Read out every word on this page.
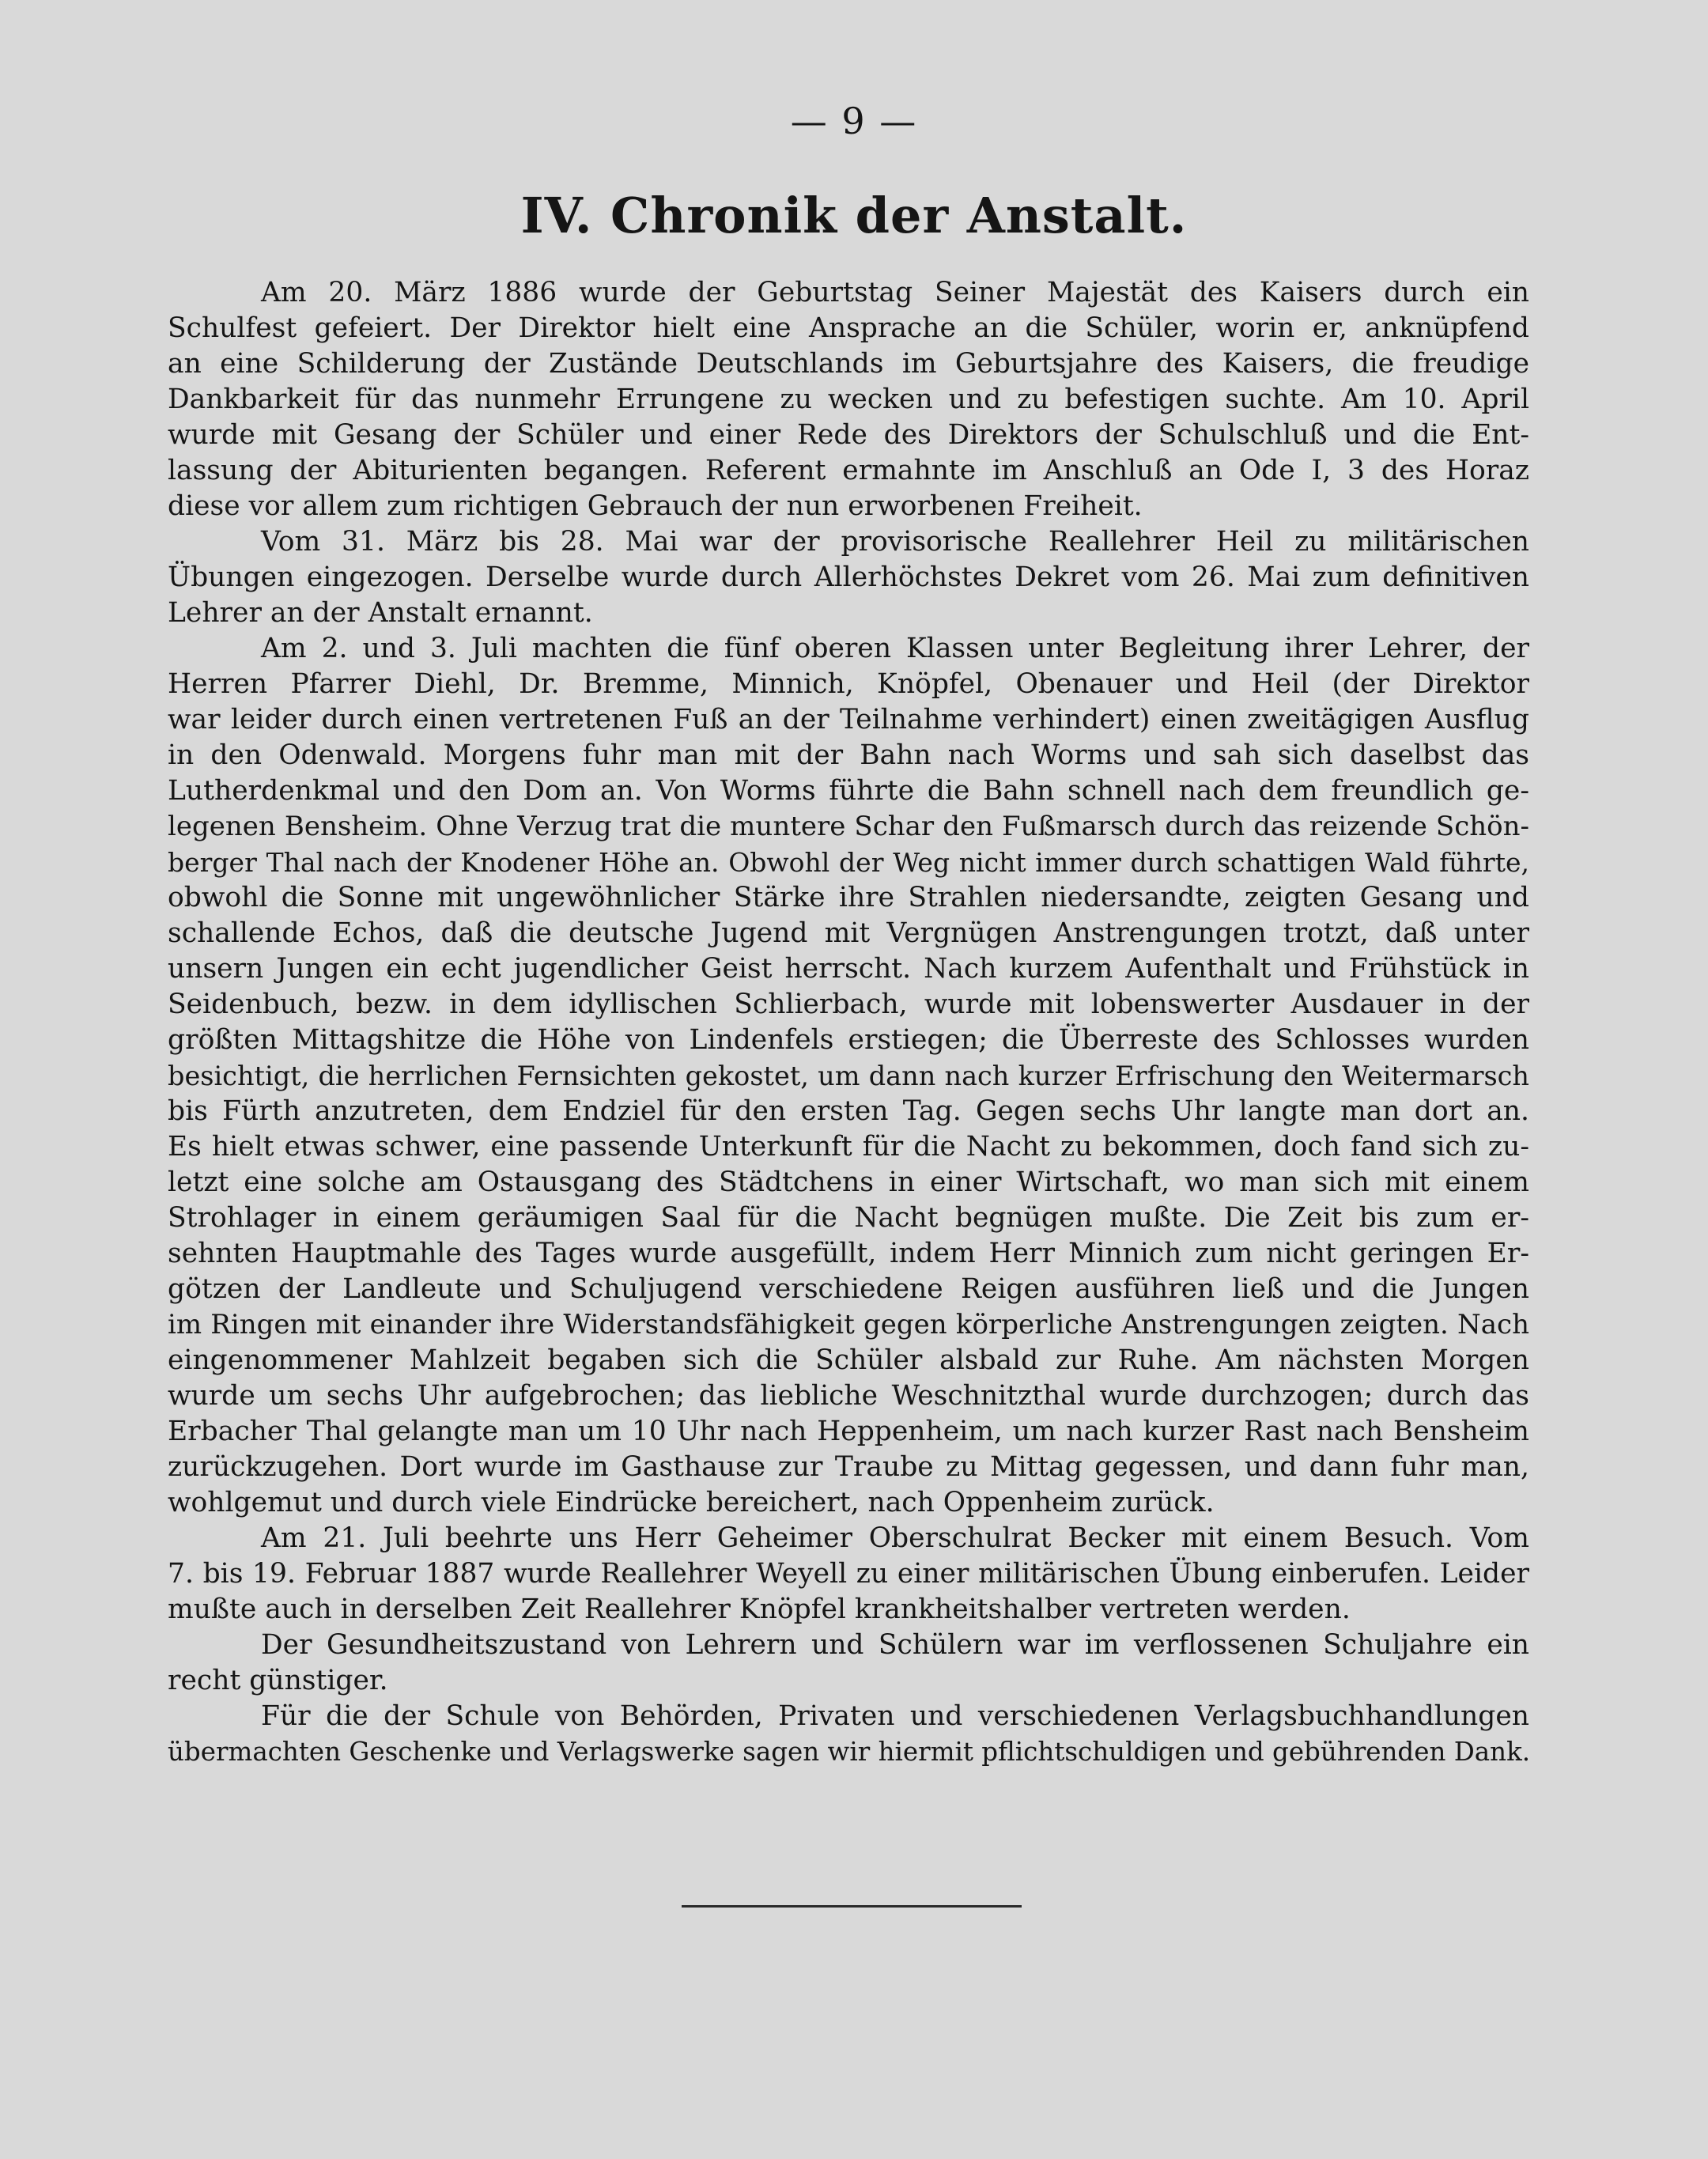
— 9 —
IV. Chronik der Anstalt.
Am 20. März 1886 wurde der Geburtstag Seiner Majestät des Kaisers durch ein
Schulfest gefeiert. Der Direktor hielt eine Ansprache an die Schüler, worin er, anknüpfend
an eine Schilderung der Zustände Deutschlands im Geburtsjahre des Kaisers, die freudige
Dankbarkeit für das nunmehr Errungene zu wecken und zu befestigen suchte. Am 10. April
wurde mit Gesang der Schüler und einer Rede des Direktors der Schulschluß und die Ent-
lassung der Abiturienten begangen. Referent ermahnte im Anschluß an Ode I, 3 des Horaz
diese vor allem zum richtigen Gebrauch der nun erworbenen Freiheit.
Vom 31. März bis 28. Mai war der provisorische Reallehrer Heil zu militärischen
Übungen eingezogen. Derselbe wurde durch Allerhöchstes Dekret vom 26. Mai zum definitiven
Lehrer an der Anstalt ernannt.
Am 2. und 3. Juli machten die fünf oberen Klassen unter Begleitung ihrer Lehrer, der
Herren Pfarrer Diehl, Dr. Bremme, Minnich, Knöpfel, Obenauer und Heil (der Direktor
war leider durch einen vertretenen Fuß an der Teilnahme verhindert) einen zweitägigen Ausflug
in den Odenwald. Morgens fuhr man mit der Bahn nach Worms und sah sich daselbst das
Lutherdenkmal und den Dom an. Von Worms führte die Bahn schnell nach dem freundlich ge-
legenen Bensheim. Ohne Verzug trat die muntere Schar den Fußmarsch durch das reizende Schön-
berger Thal nach der Knodener Höhe an. Obwohl der Weg nicht immer durch schattigen Wald führte,
obwohl die Sonne mit ungewöhnlicher Stärke ihre Strahlen niedersandte, zeigten Gesang und
schallende Echos, daß die deutsche Jugend mit Vergnügen Anstrengungen trotzt, daß unter
unsern Jungen ein echt jugendlicher Geist herrscht. Nach kurzem Aufenthalt und Frühstück in
Seidenbuch, bezw. in dem idyllischen Schlierbach, wurde mit lobenswerter Ausdauer in der
größten Mittagshitze die Höhe von Lindenfels erstiegen; die Überreste des Schlosses wurden
besichtigt, die herrlichen Fernsichten gekostet, um dann nach kurzer Erfrischung den Weitermarsch
bis Fürth anzutreten, dem Endziel für den ersten Tag. Gegen sechs Uhr langte man dort an.
Es hielt etwas schwer, eine passende Unterkunft für die Nacht zu bekommen, doch fand sich zu-
letzt eine solche am Ostausgang des Städtchens in einer Wirtschaft, wo man sich mit einem
Strohlager in einem geräumigen Saal für die Nacht begnügen mußte. Die Zeit bis zum er-
sehnten Hauptmahle des Tages wurde ausgefüllt, indem Herr Minnich zum nicht geringen Er-
götzen der Landleute und Schuljugend verschiedene Reigen ausführen ließ und die Jungen
im Ringen mit einander ihre Widerstandsfähigkeit gegen körperliche Anstrengungen zeigten. Nach
eingenommener Mahlzeit begaben sich die Schüler alsbald zur Ruhe. Am nächsten Morgen
wurde um sechs Uhr aufgebrochen; das liebliche Weschnitzthal wurde durchzogen; durch das
Erbacher Thal gelangte man um 10 Uhr nach Heppenheim, um nach kurzer Rast nach Bensheim
zurückzugehen. Dort wurde im Gasthause zur Traube zu Mittag gegessen, und dann fuhr man,
wohlgemut und durch viele Eindrücke bereichert, nach Oppenheim zurück.
Am 21. Juli beehrte uns Herr Geheimer Oberschulrat Becker mit einem Besuch. Vom
7. bis 19. Februar 1887 wurde Reallehrer Weyell zu einer militärischen Übung einberufen. Leider
mußte auch in derselben Zeit Reallehrer Knöpfel krankheitshalber vertreten werden.
Der Gesundheitszustand von Lehrern und Schülern war im verflossenen Schuljahre ein
recht günstiger.
Für die der Schule von Behörden, Privaten und verschiedenen Verlagsbuchhandlungen
übermachten Geschenke und Verlagswerke sagen wir hiermit pflichtschuldigen und gebührenden Dank.
